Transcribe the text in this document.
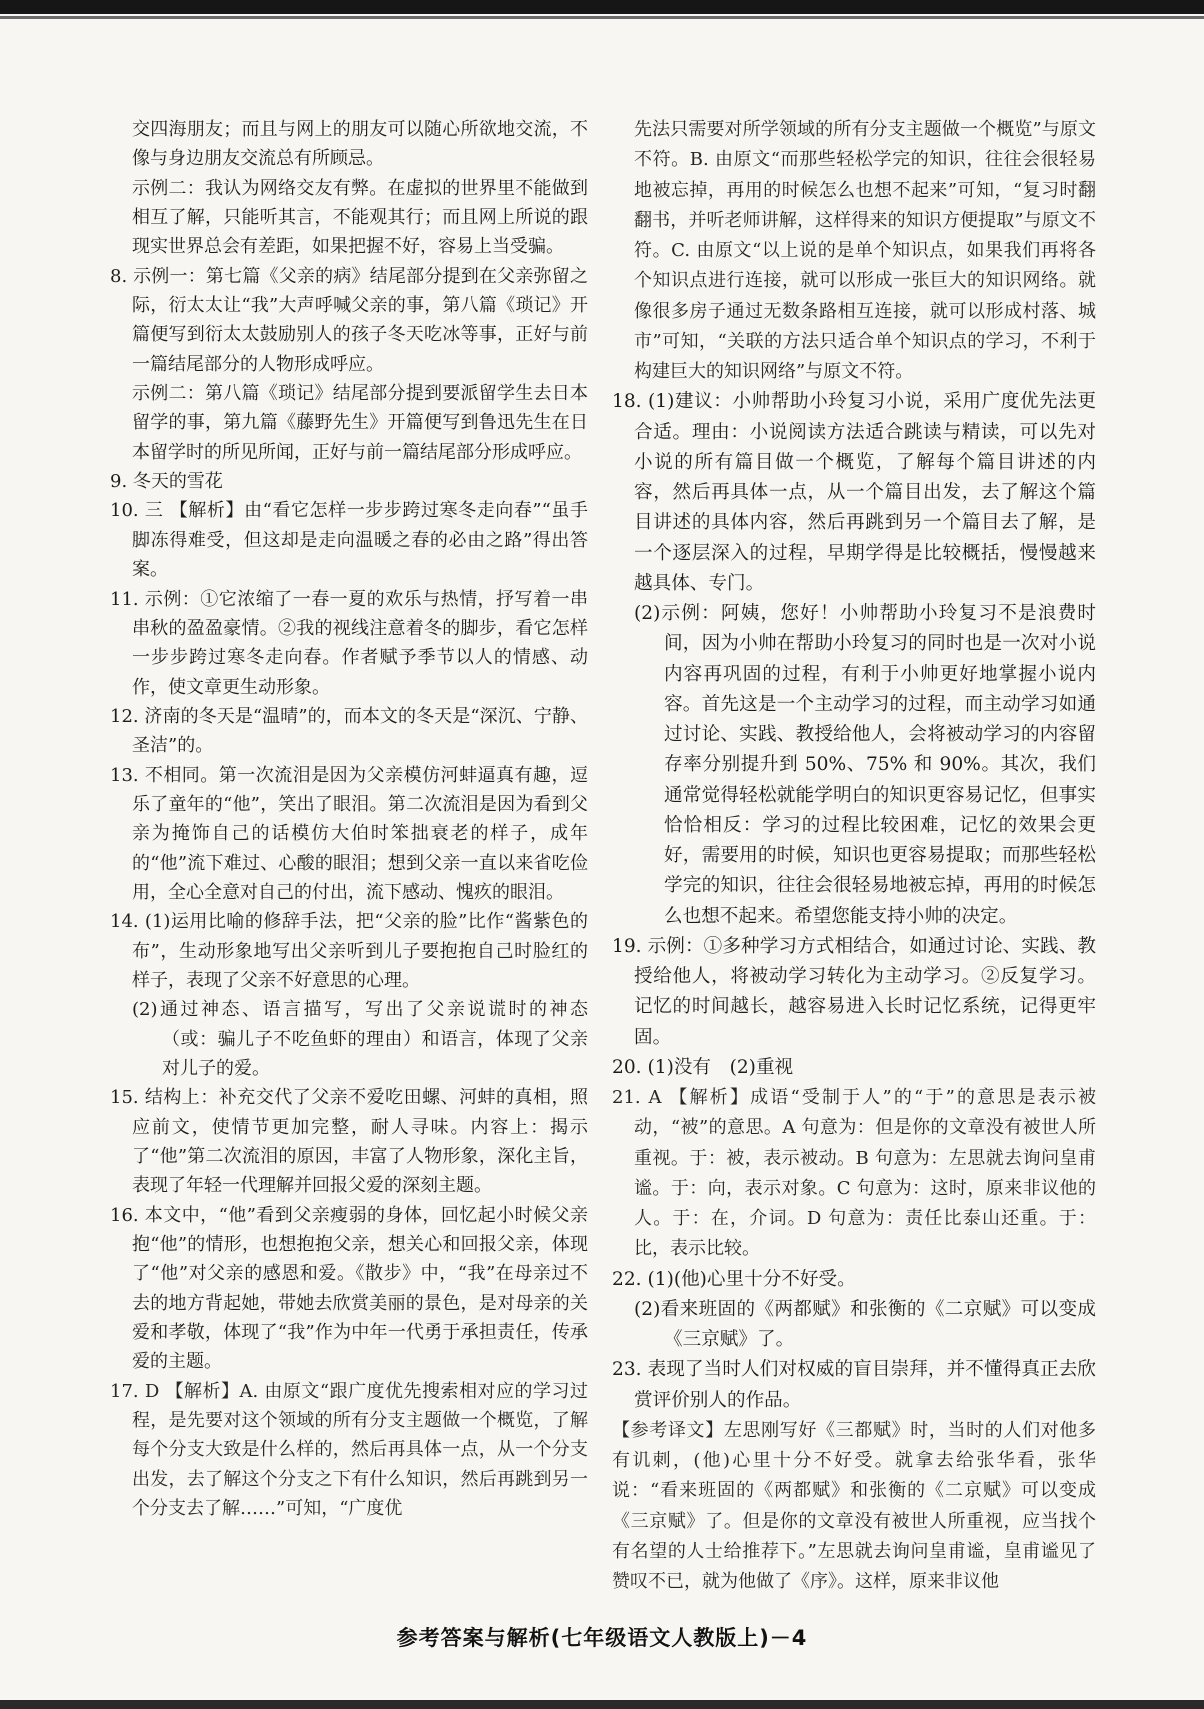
交四海朋友；而且与网上的朋友可以随心所欲地交流，不像与身边朋友交流总有所顾忌。

示例二：我认为网络交友有弊。在虚拟的世界里不能做到相互了解，只能听其言，不能观其行；而且网上所说的跟现实世界总会有差距，如果把握不好，容易上当受骗。

8. 示例一：第七篇《父亲的病》结尾部分提到在父亲弥留之际，衍太太让“我”大声呼喊父亲的事，第八篇《琐记》开篇便写到衍太太鼓励别人的孩子冬天吃冰等事，正好与前一篇结尾部分的人物形成呼应。

示例二：第八篇《琐记》结尾部分提到要派留学生去日本留学的事，第九篇《藤野先生》开篇便写到鲁迅先生在日本留学时的所见所闻，正好与前一篇结尾部分形成呼应。

9. 冬天的雪花

10. 三 【解析】由“看它怎样一步步跨过寒冬走向春”“虽手脚冻得难受，但这却是走向温暖之春的必由之路”得出答案。

11. 示例：①它浓缩了一春一夏的欢乐与热情，抒写着一串串秋的盈盈豪情。②我的视线注意着冬的脚步，看它怎样一步步跨过寒冬走向春。作者赋予季节以人的情感、动作，使文章更生动形象。

12. 济南的冬天是“温晴”的，而本文的冬天是“深沉、宁静、圣洁”的。

13. 不相同。第一次流泪是因为父亲模仿河蚌逼真有趣，逗乐了童年的“他”，笑出了眼泪。第二次流泪是因为看到父亲为掩饰自己的话模仿大伯时笨拙衰老的样子，成年的“他”流下难过、心酸的眼泪；想到父亲一直以来省吃俭用，全心全意对自己的付出，流下感动、愧疚的眼泪。

14. (1)运用比喻的修辞手法，把“父亲的脸”比作“酱紫色的布”，生动形象地写出父亲听到儿子要抱抱自己时脸红的样子，表现了父亲不好意思的心理。

(2)通过神态、语言描写，写出了父亲说谎时的神态（或：骗儿子不吃鱼虾的理由）和语言，体现了父亲对儿子的爱。

15. 结构上：补充交代了父亲不爱吃田螺、河蚌的真相，照应前文，使情节更加完整，耐人寻味。内容上：揭示了“他”第二次流泪的原因，丰富了人物形象，深化主旨，表现了年轻一代理解并回报父爱的深刻主题。

16. 本文中，“他”看到父亲瘦弱的身体，回忆起小时候父亲抱“他”的情形，也想抱抱父亲，想关心和回报父亲，体现了“他”对父亲的感恩和爱。《散步》中，“我”在母亲过不去的地方背起她，带她去欣赏美丽的景色，是对母亲的关爱和孝敬，体现了“我”作为中年一代勇于承担责任，传承爱的主题。

17. D 【解析】A. 由原文“跟广度优先搜索相对应的学习过程，是先要对这个领域的所有分支主题做一个概览，了解每个分支大致是什么样的，然后再具体一点，从一个分支出发，去了解这个分支之下有什么知识，然后再跳到另一个分支去了解……”可知，“广度优

先法只需要对所学领域的所有分支主题做一个概览”与原文不符。B. 由原文“而那些轻松学完的知识，往往会很轻易地被忘掉，再用的时候怎么也想不起来”可知，“复习时翻翻书，并听老师讲解，这样得来的知识方便提取”与原文不符。C. 由原文“以上说的是单个知识点，如果我们再将各个知识点进行连接，就可以形成一张巨大的知识网络。就像很多房子通过无数条路相互连接，就可以形成村落、城市”可知，“关联的方法只适合单个知识点的学习，不利于构建巨大的知识网络”与原文不符。

18. (1)建议：小帅帮助小玲复习小说，采用广度优先法更合适。理由：小说阅读方法适合跳读与精读，可以先对小说的所有篇目做一个概览，了解每个篇目讲述的内容，然后再具体一点，从一个篇目出发，去了解这个篇目讲述的具体内容，然后再跳到另一个篇目去了解，是一个逐层深入的过程，早期学得是比较概括，慢慢越来越具体、专门。

(2)示例：阿姨，您好！小帅帮助小玲复习不是浪费时间，因为小帅在帮助小玲复习的同时也是一次对小说内容再巩固的过程，有利于小帅更好地掌握小说内容。首先这是一个主动学习的过程，而主动学习如通过讨论、实践、教授给他人，会将被动学习的内容留存率分别提升到 50%、75% 和 90%。其次，我们通常觉得轻松就能学明白的知识更容易记忆，但事实恰恰相反：学习的过程比较困难，记忆的效果会更好，需要用的时候，知识也更容易提取；而那些轻松学完的知识，往往会很轻易地被忘掉，再用的时候怎么也想不起来。希望您能支持小帅的决定。

19. 示例：①多种学习方式相结合，如通过讨论、实践、教授给他人，将被动学习转化为主动学习。②反复学习。记忆的时间越长，越容易进入长时记忆系统，记得更牢固。

20. (1)没有　(2)重视

21. A 【解析】成语“受制于人”的“于”的意思是表示被动，“被”的意思。A 句意为：但是你的文章没有被世人所重视。于：被，表示被动。B 句意为：左思就去询问皇甫谧。于：向，表示对象。C 句意为：这时，原来非议他的人。于：在，介词。D 句意为：责任比泰山还重。于：比，表示比较。

22. (1)(他)心里十分不好受。

(2)看来班固的《两都赋》和张衡的《二京赋》可以变成《三京赋》了。

23. 表现了当时人们对权威的盲目崇拜，并不懂得真正去欣赏评价别人的作品。

【参考译文】左思刚写好《三都赋》时，当时的人们对他多有讥刺，(他)心里十分不好受。就拿去给张华看，张华说：“看来班固的《两都赋》和张衡的《二京赋》可以变成《三京赋》了。但是你的文章没有被世人所重视，应当找个有名望的人士给推荐下。”左思就去询问皇甫谧，皇甫谧见了赞叹不已，就为他做了《序》。这样，原来非议他

参考答案与解析(七年级语文人教版上)－4
